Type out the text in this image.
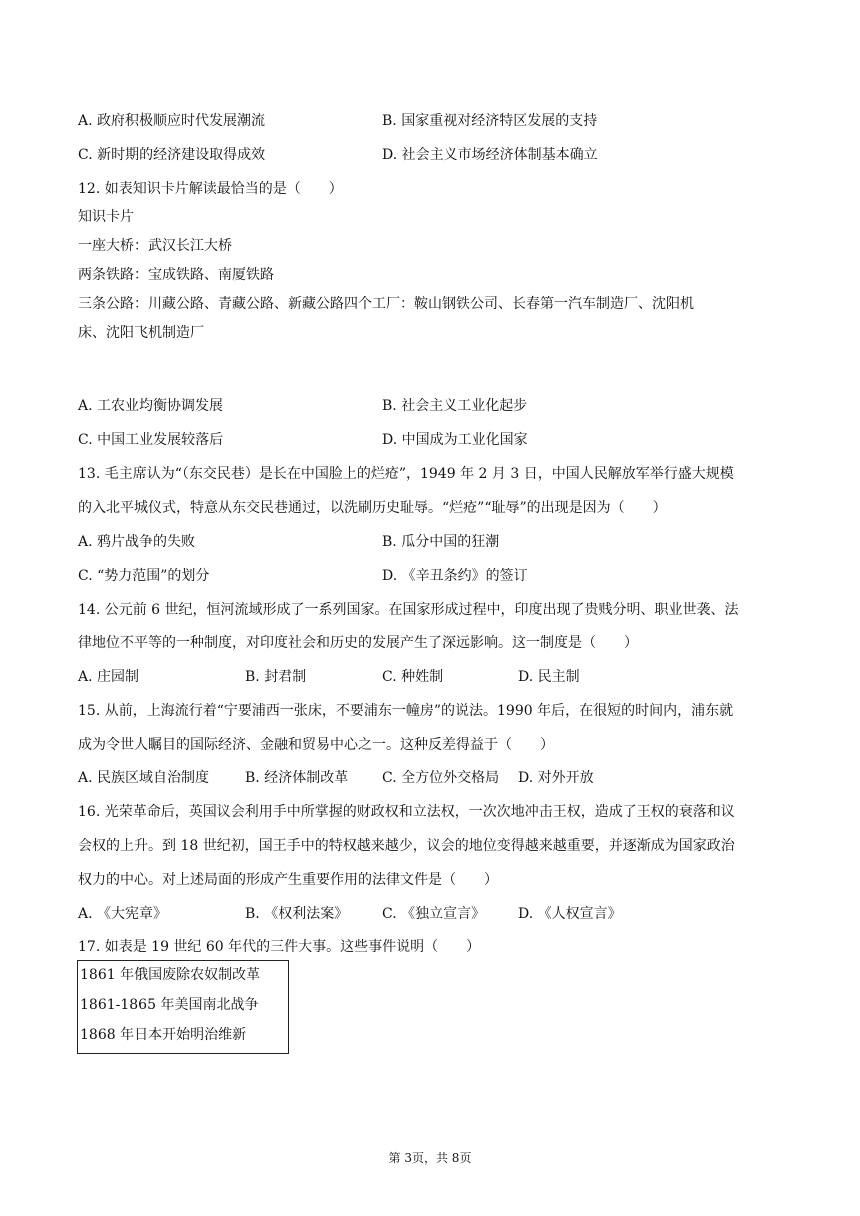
A. 政府积极顺应时代发展潮流	B. 国家重视对经济特区发展的支持
C. 新时期的经济建设取得成效	D. 社会主义市场经济体制基本确立
12. 如表知识卡片解读最恰当的是（　　）
知识卡片
一座大桥：武汉长江大桥
两条铁路：宝成铁路、南厦铁路
三条公路：川藏公路、青藏公路、新藏公路四个工厂：鞍山钢铁公司、长春第一汽车制造厂、沈阳机
床、沈阳飞机制造厂
A. 工农业均衡协调发展	B. 社会主义工业化起步
C. 中国工业发展较落后	D. 中国成为工业化国家
13. 毛主席认为“（东交民巷）是长在中国脸上的烂疮”，1949 年 2 月 3 日，中国人民解放军举行盛大规模
的入北平城仪式，特意从东交民巷通过，以洗刷历史耻辱。“烂疮”“耻辱”的出现是因为（　　）
A. 鸦片战争的失败	B. 瓜分中国的狂潮
C. “势力范围”的划分	D. 《辛丑条约》的签订
14. 公元前 6 世纪，恒河流域形成了一系列国家。在国家形成过程中，印度出现了贵贱分明、职业世袭、法
律地位不平等的一种制度，对印度社会和历史的发展产生了深远影响。这一制度是（　　）
A. 庄园制	B. 封君制	C. 种姓制	D. 民主制
15. 从前，上海流行着“宁要浦西一张床，不要浦东一幢房”的说法。1990 年后，在很短的时间内，浦东就
成为令世人瞩目的国际经济、金融和贸易中心之一。这种反差得益于（　　）
A. 民族区域自治制度	B. 经济体制改革 C. 全方位外交格局 D. 对外开放
16. 光荣革命后，英国议会利用手中所掌握的财政权和立法权，一次次地冲击王权，造成了王权的衰落和议
会权的上升。到 18 世纪初，国王手中的特权越来越少，议会的地位变得越来越重要，并逐渐成为国家政治
权力的中心。对上述局面的形成产生重要作用的法律文件是（　　）
A. 《大宪章》	B. 《权利法案》 C. 《独立宣言》 D. 《人权宣言》
17. 如表是 19 世纪 60 年代的三件大事。这些事件说明（　　）
1861 年俄国废除农奴制改革
1861-1865 年美国南北战争
1868 年日本开始明治维新
第 3页，共 8页
